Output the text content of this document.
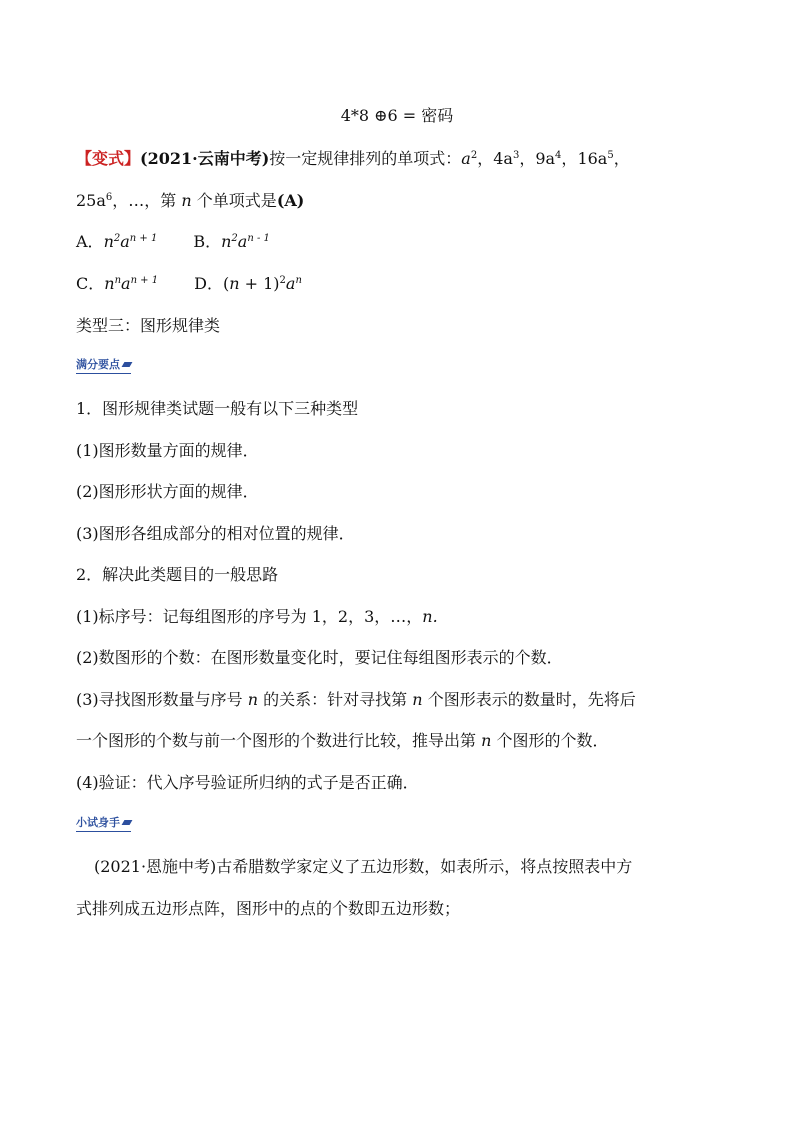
4*8 ⊕6 = 密码
【变式】(2021·云南中考)按一定规律排列的单项式：$a^2$，$4a^3$，$9a^4$，$16a^5$，
$25a^6$，…，第 n 个单项式是(A)
A．$n^2a^{n + 1}$ B．$n^2a^{n - 1}$
C．$n^na^{n + 1}$ D．$(n + 1)^2a^n$
类型三：图形规律类
满分要点
1．图形规律类试题一般有以下三种类型
(1)图形数量方面的规律．
(2)图形形状方面的规律．
(3)图形各组成部分的相对位置的规律．
2．解决此类题目的一般思路
(1)标序号：记每组图形的序号为 1，2，3，…，n.
(2)数图形的个数：在图形数量变化时，要记住每组图形表示的个数．
(3)寻找图形数量与序号 n 的关系：针对寻找第 n 个图形表示的数量时，先将后
一个图形的个数与前一个图形的个数进行比较，推导出第 n 个图形的个数．
(4)验证：代入序号验证所归纳的式子是否正确．
小试身手
(2021·恩施中考)古希腊数学家定义了五边形数，如表所示，将点按照表中方
式排列成五边形点阵，图形中的点的个数即五边形数；
